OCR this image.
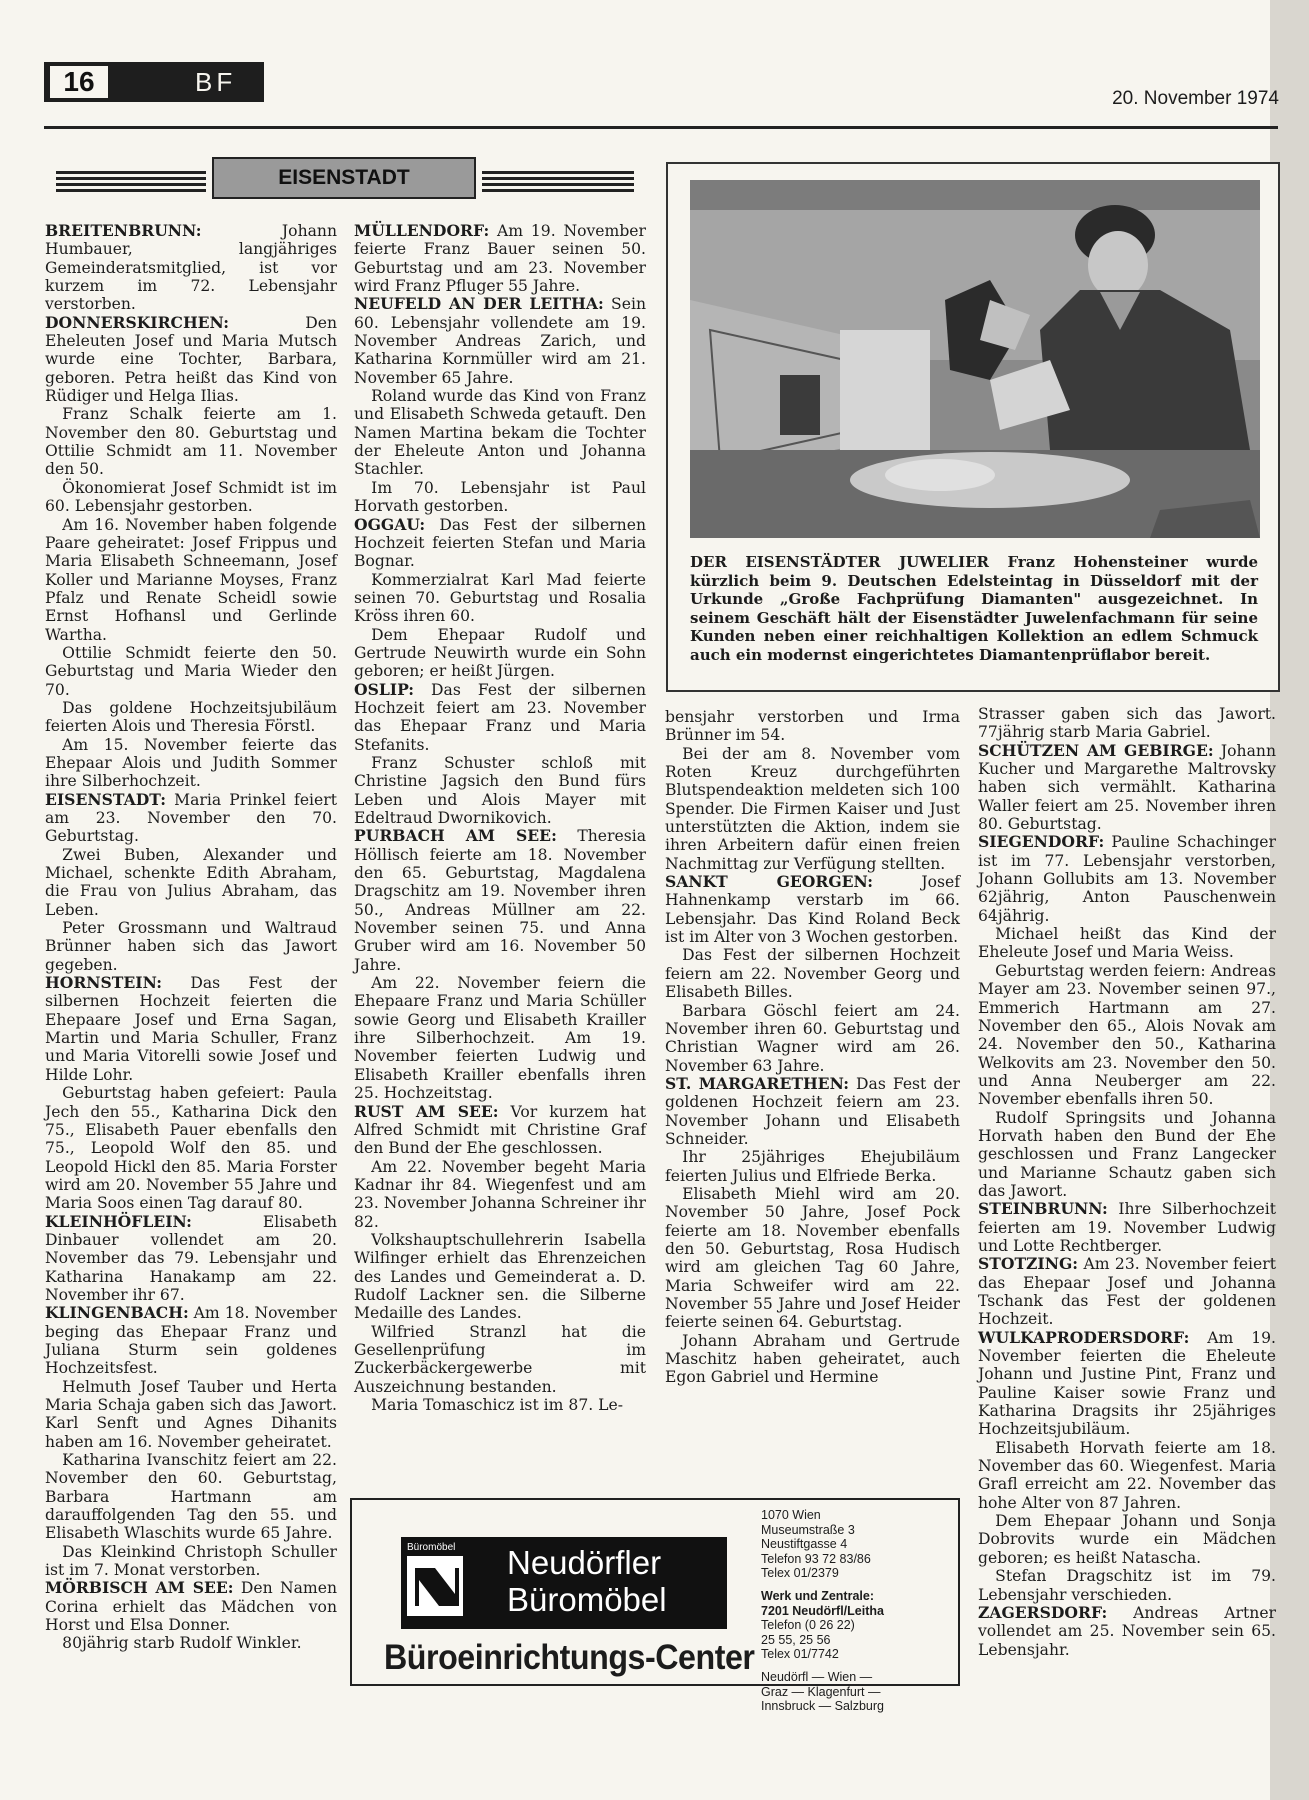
16	BF
20. November 1974
EISENSTADT

BREITENBRUNN: Johann Humbauer, langjähriges Gemeinderatsmitglied, ist vor kurzem im 72. Lebensjahr verstorben.

DONNERSKIRCHEN: Den Eheleuten Josef und Maria Mutsch wurde eine Tochter, Barbara, geboren. Petra heißt das Kind von Rüdiger und Helga Ilias.

Franz Schalk feierte am 1. November den 80. Geburtstag und Ottilie Schmidt am 11. November den 50.

Ökonomierat Josef Schmidt ist im 60. Lebensjahr gestorben.

Am 16. November haben folgende Paare geheiratet: Josef Frippus und Maria Elisabeth Schneemann, Josef Koller und Marianne Moyses, Franz Pfalz und Renate Scheidl sowie Ernst Hofhansl und Gerlinde Wartha.

Ottilie Schmidt feierte den 50. Geburtstag und Maria Wieder den 70.

Das goldene Hochzeitsjubiläum feierten Alois und Theresia Förstl.

Am 15. November feierte das Ehepaar Alois und Judith Sommer ihre Silberhochzeit.

EISENSTADT: Maria Prinkel feiert am 23. November den 70. Geburtstag.

Zwei Buben, Alexander und Michael, schenkte Edith Abraham, die Frau von Julius Abraham, das Leben.

Peter Grossmann und Waltraud Brünner haben sich das Jawort gegeben.

HORNSTEIN: Das Fest der silbernen Hochzeit feierten die Ehepaare Josef und Erna Sagan, Martin und Maria Schuller, Franz und Maria Vitorelli sowie Josef und Hilde Lohr.

Geburtstag haben gefeiert: Paula Jech den 55., Katharina Dick den 75., Elisabeth Pauer ebenfalls den 75., Leopold Wolf den 85. und Leopold Hickl den 85. Maria Forster wird am 20. November 55 Jahre und Maria Soos einen Tag darauf 80.

KLEINHÖFLEIN: Elisabeth Dinbauer vollendet am 20. November das 79. Lebensjahr und Katharina Hanakamp am 22. November ihr 67.

KLINGENBACH: Am 18. November beging das Ehepaar Franz und Juliana Sturm sein goldenes Hochzeitsfest.

Helmuth Josef Tauber und Herta Maria Schaja gaben sich das Jawort. Karl Senft und Agnes Dihanits haben am 16. November geheiratet.

Katharina Ivanschitz feiert am 22. November den 60. Geburtstag, Barbara Hartmann am darauffolgenden Tag den 55. und Elisabeth Wlaschits wurde 65 Jahre.

Das Kleinkind Christoph Schuller ist im 7. Monat verstorben.

MÖRBISCH AM SEE: Den Namen Corina erhielt das Mädchen von Horst und Elsa Donner.

80jährig starb Rudolf Winkler.

MÜLLENDORF: Am 19. November feierte Franz Bauer seinen 50. Geburtstag und am 23. November wird Franz Pfluger 55 Jahre.

NEUFELD AN DER LEITHA: Sein 60. Lebensjahr vollendete am 19. November Andreas Zarich, und Katharina Kornmüller wird am 21. November 65 Jahre.

Roland wurde das Kind von Franz und Elisabeth Schweda getauft. Den Namen Martina bekam die Tochter der Eheleute Anton und Johanna Stachler.

Im 70. Lebensjahr ist Paul Horvath gestorben.

OGGAU: Das Fest der silbernen Hochzeit feierten Stefan und Maria Bognar.

Kommerzialrat Karl Mad feierte seinen 70. Geburtstag und Rosalia Kröss ihren 60.

Dem Ehepaar Rudolf und Gertrude Neuwirth wurde ein Sohn geboren; er heißt Jürgen.

OSLIP: Das Fest der silbernen Hochzeit feiert am 23. November das Ehepaar Franz und Maria Stefanits.

Franz Schuster schloß mit Christine Jagsich den Bund fürs Leben und Alois Mayer mit Edeltraud Dwornikovich.

PURBACH AM SEE: Theresia Höllisch feierte am 18. November den 65. Geburtstag, Magdalena Dragschitz am 19. November ihren 50., Andreas Müllner am 22. November seinen 75. und Anna Gruber wird am 16. November 50 Jahre.

Am 22. November feiern die Ehepaare Franz und Maria Schüller sowie Georg und Elisabeth Krailler ihre Silberhochzeit. Am 19. November feierten Ludwig und Elisabeth Krailler ebenfalls ihren 25. Hochzeitstag.

RUST AM SEE: Vor kurzem hat Alfred Schmidt mit Christine Graf den Bund der Ehe geschlossen.

Am 22. November begeht Maria Kadnar ihr 84. Wiegenfest und am 23. November Johanna Schreiner ihr 82.

Volkshauptschullehrerin Isabella Wilfinger erhielt das Ehrenzeichen des Landes und Gemeinderat a. D. Rudolf Lackner sen. die Silberne Medaille des Landes.

Wilfried Stranzl hat die Gesellenprüfung im Zuckerbäckergewerbe mit Auszeichnung bestanden.

Maria Tomaschicz ist im 87. Le-

bensjahr verstorben und Irma Brünner im 54.

Bei der am 8. November vom Roten Kreuz durchgeführten Blutspendeaktion meldeten sich 100 Spender. Die Firmen Kaiser und Just unterstützten die Aktion, indem sie ihren Arbeitern dafür einen freien Nachmittag zur Verfügung stellten.

SANKT GEORGEN: Josef Hahnenkamp verstarb im 66. Lebensjahr. Das Kind Roland Beck ist im Alter von 3 Wochen gestorben.

Das Fest der silbernen Hochzeit feiern am 22. November Georg und Elisabeth Billes.

Barbara Göschl feiert am 24. November ihren 60. Geburtstag und Christian Wagner wird am 26. November 63 Jahre.

ST. MARGARETHEN: Das Fest der goldenen Hochzeit feiern am 23. November Johann und Elisabeth Schneider.

Ihr 25jähriges Ehejubiläum feierten Julius und Elfriede Berka.

Elisabeth Miehl wird am 20. November 50 Jahre, Josef Pock feierte am 18. November ebenfalls den 50. Geburtstag, Rosa Hudisch wird am gleichen Tag 60 Jahre, Maria Schweifer wird am 22. November 55 Jahre und Josef Heider feierte seinen 64. Geburtstag.

Johann Abraham und Gertrude Maschitz haben geheiratet, auch Egon Gabriel und Hermine

Strasser gaben sich das Jawort. 77jährig starb Maria Gabriel.

SCHÜTZEN AM GEBIRGE: Johann Kucher und Margarethe Maltrovsky haben sich vermählt. Katharina Waller feiert am 25. November ihren 80. Geburtstag.

SIEGENDORF: Pauline Schachinger ist im 77. Lebensjahr verstorben, Johann Gollubits am 13. November 62jährig, Anton Pauschenwein 64jährig.

Michael heißt das Kind der Eheleute Josef und Maria Weiss.

Geburtstag werden feiern: Andreas Mayer am 23. November seinen 97., Emmerich Hartmann am 27. November den 65., Alois Novak am 24. November den 50., Katharina Welkovits am 23. November den 50. und Anna Neuberger am 22. November ebenfalls ihren 50.

Rudolf Springsits und Johanna Horvath haben den Bund der Ehe geschlossen und Franz Langecker und Marianne Schautz gaben sich das Jawort.

STEINBRUNN: Ihre Silberhochzeit feierten am 19. November Ludwig und Lotte Rechtberger.

STOTZING: Am 23. November feiert das Ehepaar Josef und Johanna Tschank das Fest der goldenen Hochzeit.

WULKAPRODERSDORF: Am 19. November feierten die Eheleute Johann und Justine Pint, Franz und Pauline Kaiser sowie Franz und Katharina Dragsits ihr 25jähriges Hochzeitsjubiläum.

Elisabeth Horvath feierte am 18. November das 60. Wiegenfest. Maria Grafl erreicht am 22. November das hohe Alter von 87 Jahren.

Dem Ehepaar Johann und Sonja Dobrovits wurde ein Mädchen geboren; es heißt Natascha.

Stefan Dragschitz ist im 79. Lebensjahr verschieden.

ZAGERSDORF: Andreas Artner vollendet am 25. November sein 65. Lebensjahr.

DER EISENSTÄDTER JUWELIER Franz Hohensteiner wurde kürzlich beim 9. Deutschen Edelsteintag in Düsseldorf mit der Urkunde „Große Fachprüfung Diamanten" ausgezeichnet. In seinem Geschäft hält der Eisenstädter Juwelenfachmann für seine Kunden neben einer reichhaltigen Kollektion an edlem Schmuck auch ein modernst eingerichtetes Diamantenprüflabor bereit.
Büromöbel Neudörfler
Büromöbel
Büroeinrichtungs-Center
1070 Wien
Museumstraße 3
Neustiftgasse 4
Telefon 93 72 83/86
Telex 01/2379
Werk und Zentrale:
7201 Neudörfl/Leitha
Telefon (0 26 22)
25 55, 25 56
Telex 01/7742
Neudörfl — Wien —
Graz — Klagenfurt —
Innsbruck — Salzburg
